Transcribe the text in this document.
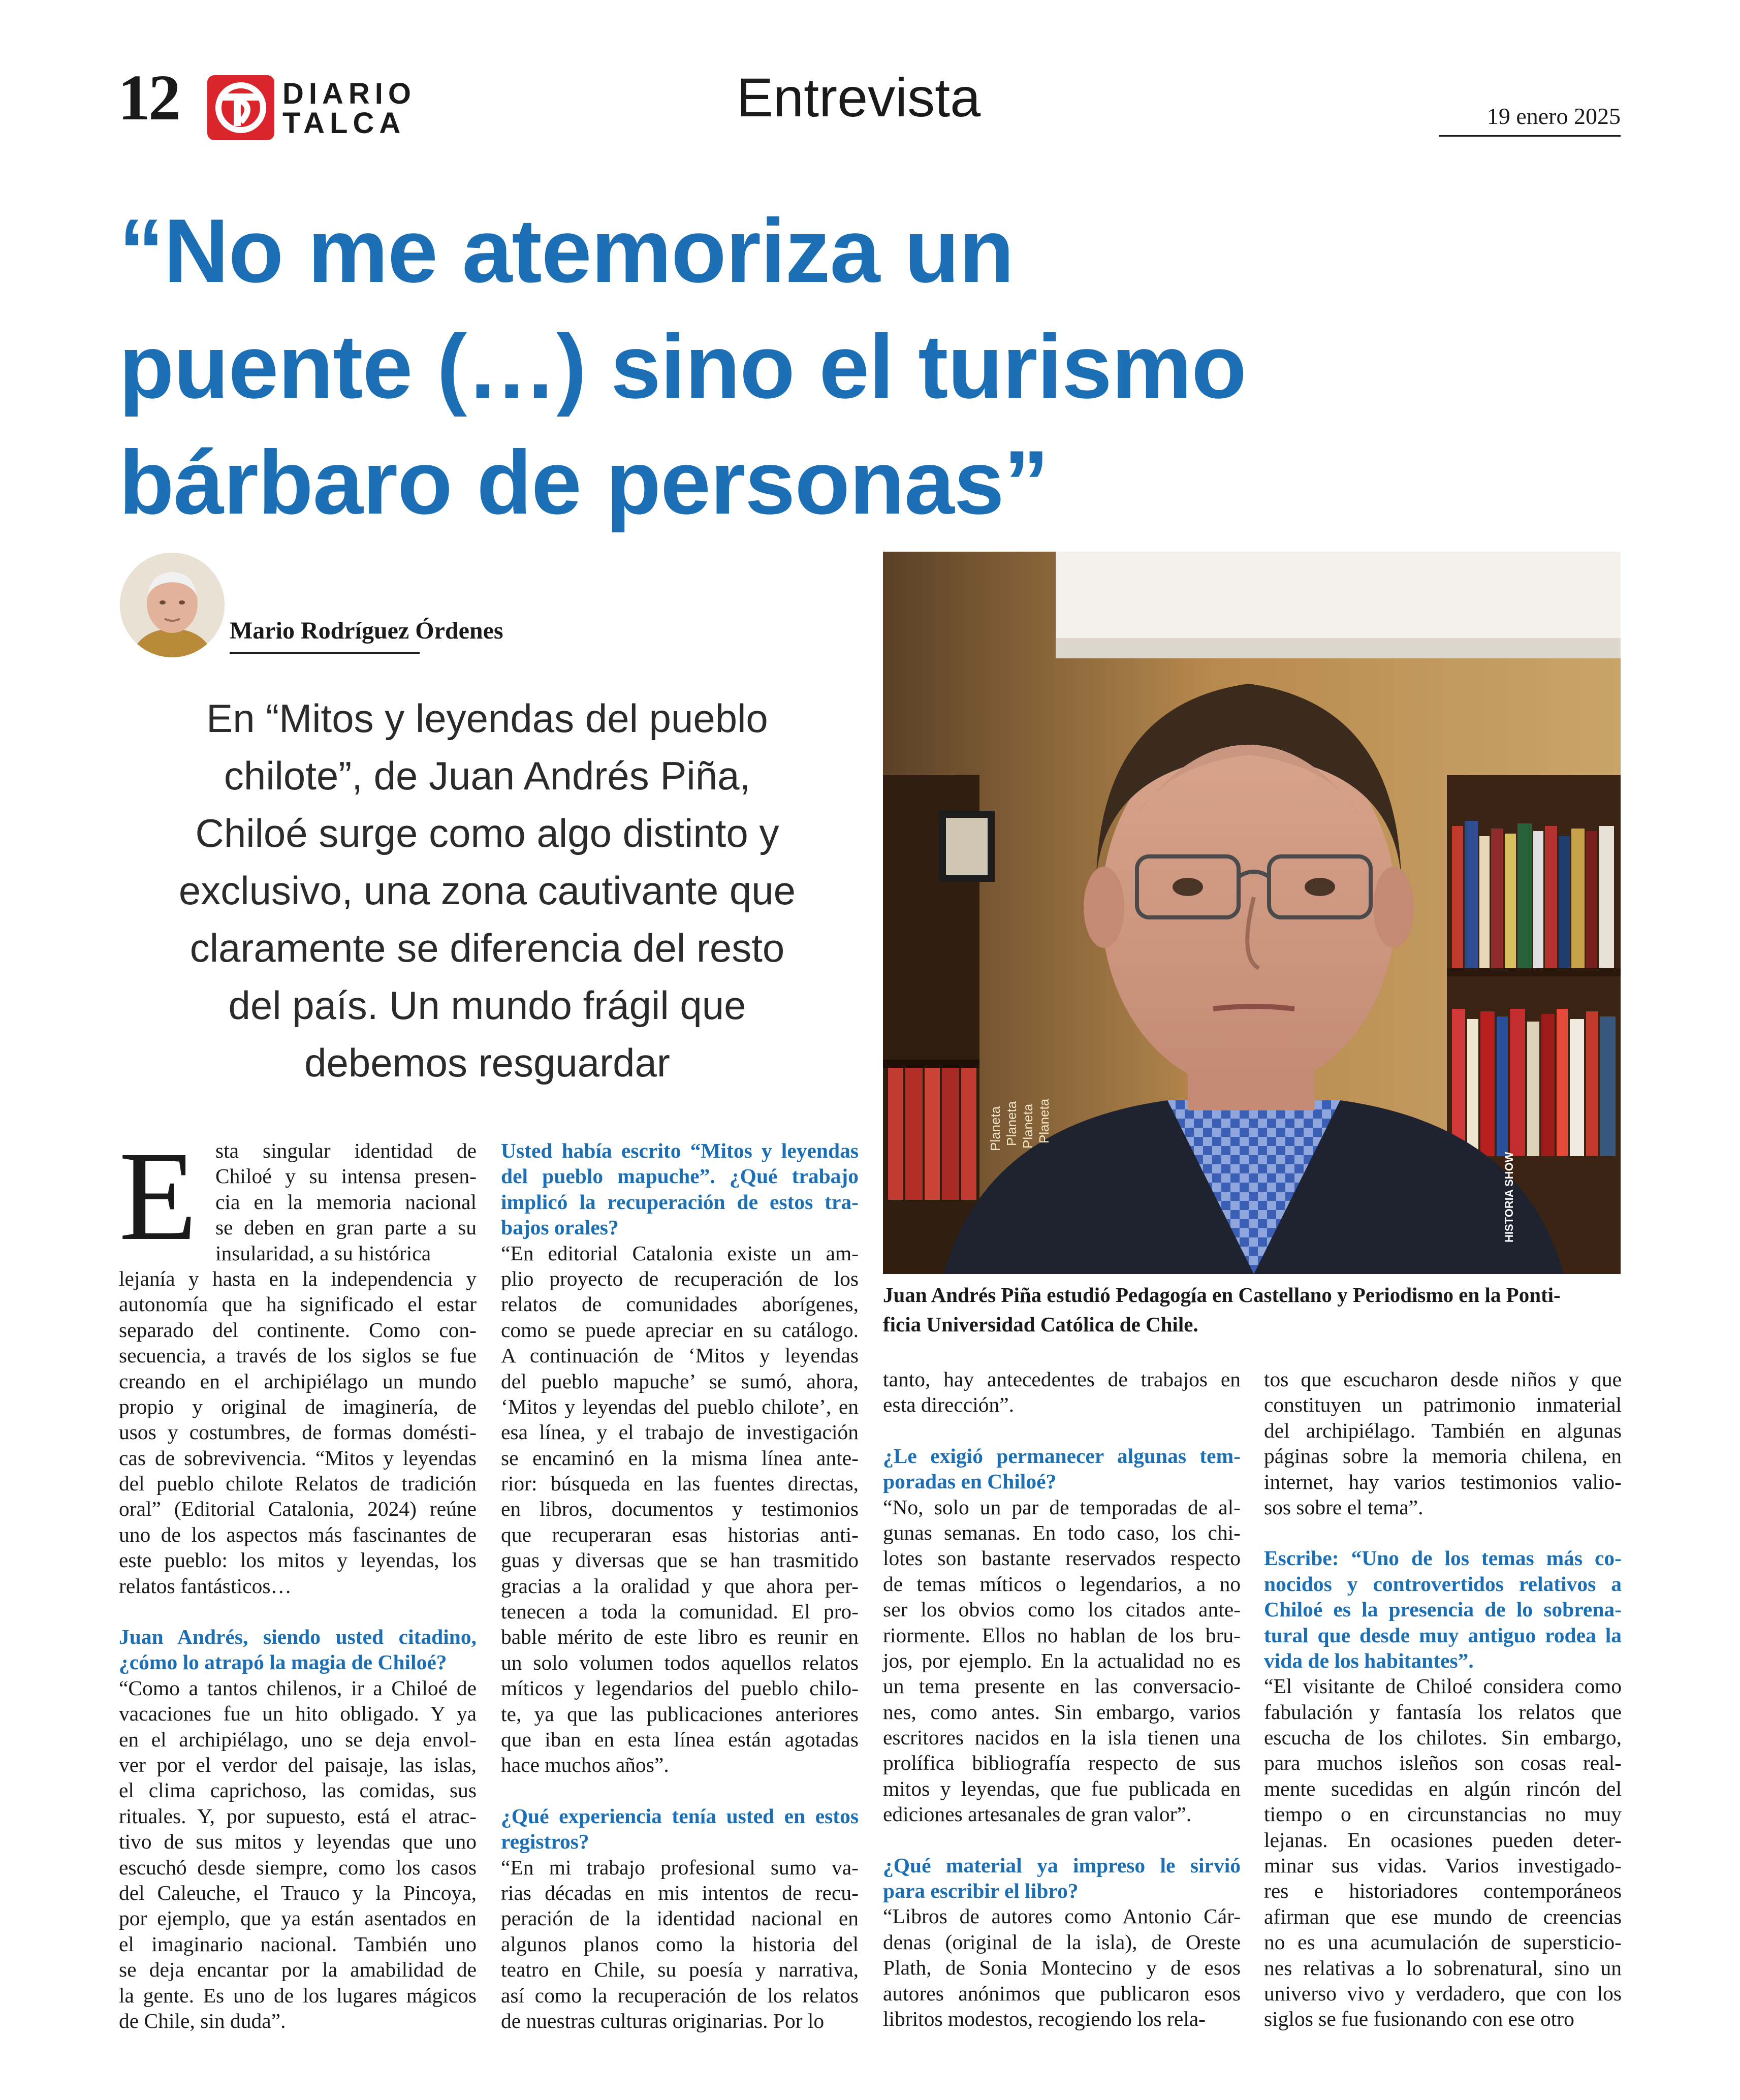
12	DIARIO
TALCA	Entrevista	19 enero 2025
“No me atemoriza un
puente (…) sino el turismo
bárbaro de personas”
Mario Rodríguez Órdenes
En “Mitos y leyendas del pueblo
chilote”, de Juan Andrés Piña,
Chiloé surge como algo distinto y
exclusivo, una zona cautivante que
claramente se diferencia del resto
del país. Un mundo frágil que
debemos resguardar
Planeta Planeta Planeta Planeta
HISTORIA SHOW
Juan Andrés Piña estudió Pedagogía en Castellano y Periodismo en la Ponti-
ficia Universidad Católica de Chile.
E sta singular identidad de
Chiloé y su intensa presen-
cia en la memoria nacional
se deben en gran parte a su
insularidad, a su histórica
lejanía y hasta en la independencia y
autonomía que ha significado el estar
separado del continente. Como con-
secuencia, a través de los siglos se fue
creando en el archipiélago un mundo
propio y original de imaginería, de
usos y costumbres, de formas domésti-
cas de sobrevivencia. “Mitos y leyendas
del pueblo chilote Relatos de tradición
oral” (Editorial Catalonia, 2024) reúne
uno de los aspectos más fascinantes de
este pueblo: los mitos y leyendas, los
relatos fantásticos…
Juan Andrés, siendo usted citadino,
¿cómo lo atrapó la magia de Chiloé?
“Como a tantos chilenos, ir a Chiloé de
vacaciones fue un hito obligado. Y ya
en el archipiélago, uno se deja envol-
ver por el verdor del paisaje, las islas,
el clima caprichoso, las comidas, sus
rituales. Y, por supuesto, está el atrac-
tivo de sus mitos y leyendas que uno
escuchó desde siempre, como los casos
del Caleuche, el Trauco y la Pincoya,
por ejemplo, que ya están asentados en
el imaginario nacional. También uno
se deja encantar por la amabilidad de
la gente. Es uno de los lugares mágicos
de Chile, sin duda”.
Usted había escrito “Mitos y leyendas
del pueblo mapuche”. ¿Qué trabajo
implicó la recuperación de estos tra-
bajos orales?
“En editorial Catalonia existe un am-
plio proyecto de recuperación de los
relatos de comunidades aborígenes,
como se puede apreciar en su catálogo.
A continuación de ‘Mitos y leyendas
del pueblo mapuche’ se sumó, ahora,
‘Mitos y leyendas del pueblo chilote’, en
esa línea, y el trabajo de investigación
se encaminó en la misma línea ante-
rior: búsqueda en las fuentes directas,
en libros, documentos y testimonios
que recuperaran esas historias anti-
guas y diversas que se han trasmitido
gracias a la oralidad y que ahora per-
tenecen a toda la comunidad. El pro-
bable mérito de este libro es reunir en
un solo volumen todos aquellos relatos
míticos y legendarios del pueblo chilo-
te, ya que las publicaciones anteriores
que iban en esta línea están agotadas
hace muchos años”.
¿Qué experiencia tenía usted en estos
registros?
“En mi trabajo profesional sumo va-
rias décadas en mis intentos de recu-
peración de la identidad nacional en
algunos planos como la historia del
teatro en Chile, su poesía y narrativa,
así como la recuperación de los relatos
de nuestras culturas originarias. Por lo
tanto, hay antecedentes de trabajos en
esta dirección”.
¿Le exigió permanecer algunas tem-
poradas en Chiloé?
“No, solo un par de temporadas de al-
gunas semanas. En todo caso, los chi-
lotes son bastante reservados respecto
de temas míticos o legendarios, a no
ser los obvios como los citados ante-
riormente. Ellos no hablan de los bru-
jos, por ejemplo. En la actualidad no es
un tema presente en las conversacio-
nes, como antes. Sin embargo, varios
escritores nacidos en la isla tienen una
prolífica bibliografía respecto de sus
mitos y leyendas, que fue publicada en
ediciones artesanales de gran valor”.
¿Qué material ya impreso le sirvió
para escribir el libro?
“Libros de autores como Antonio Cár-
denas (original de la isla), de Oreste
Plath, de Sonia Montecino y de esos
autores anónimos que publicaron esos
libritos modestos, recogiendo los rela-
tos que escucharon desde niños y que
constituyen un patrimonio inmaterial
del archipiélago. También en algunas
páginas sobre la memoria chilena, en
internet, hay varios testimonios valio-
sos sobre el tema”.
Escribe: “Uno de los temas más co-
nocidos y controvertidos relativos a
Chiloé es la presencia de lo sobrena-
tural que desde muy antiguo rodea la
vida de los habitantes”.
“El visitante de Chiloé considera como
fabulación y fantasía los relatos que
escucha de los chilotes. Sin embargo,
para muchos isleños son cosas real-
mente sucedidas en algún rincón del
tiempo o en circunstancias no muy
lejanas. En ocasiones pueden deter-
minar sus vidas. Varios investigado-
res e historiadores contemporáneos
afirman que ese mundo de creencias
no es una acumulación de supersticio-
nes relativas a lo sobrenatural, sino un
universo vivo y verdadero, que con los
siglos se fue fusionando con ese otro
